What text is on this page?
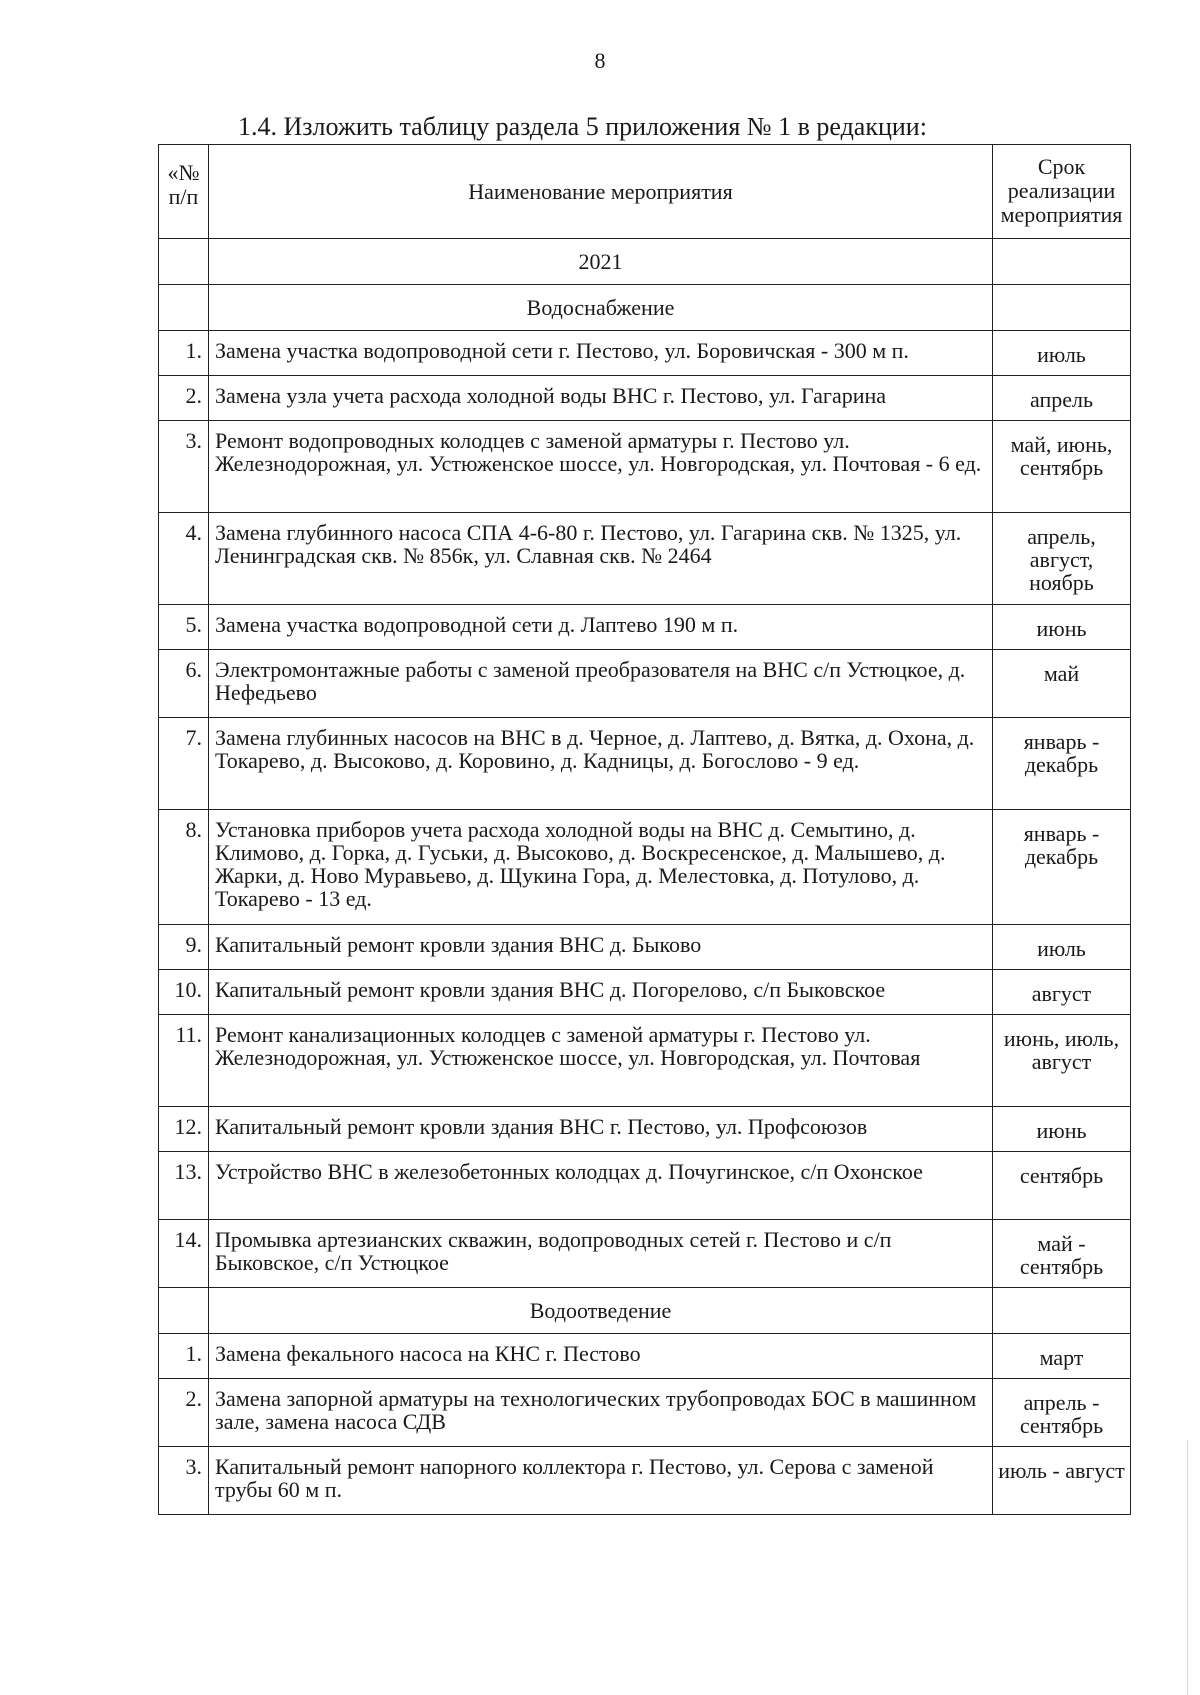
8
1.4. Изложить таблицу раздела 5 приложения № 1 в редакции:
«№ п/п	Наименование мероприятия	Срок реализации мероприятия
	2021	
	Водоснабжение	
1.	Замена участка водопроводной сети г. Пестово, ул. Боровичская - 300 м п.	июль
2.	Замена узла учета расхода холодной воды ВНС г. Пестово, ул. Гагарина	апрель
3.	Ремонт водопроводных колодцев с заменой арматуры г. Пестово ул. Железнодорожная, ул. Устюженское шоссе, ул. Новгородская, ул. Почтовая - 6 ед.	май, июнь, сентябрь
4.	Замена глубинного насоса СПА 4-6-80 г. Пестово, ул. Гагарина скв. № 1325, ул. Ленинградская скв. № 856к, ул. Славная скв. № 2464	апрель, август, ноябрь
5.	Замена участка водопроводной сети д. Лаптево 190 м п.	июнь
6.	Электромонтажные работы с заменой преобразователя на ВНС с/п Устюцкое, д. Нефедьево	май
7.	Замена глубинных насосов на ВНС в д. Черное, д. Лаптево, д. Вятка, д. Охона, д. Токарево, д. Высоково, д. Коровино, д. Кадницы, д. Богослово - 9 ед.	январь - декабрь
8.	Установка приборов учета расхода холодной воды на ВНС д. Семытино, д. Климово, д. Горка, д. Гуськи, д. Высоково, д. Воскресенское, д. Малышево, д. Жарки, д. Ново Муравьево, д. Щукина Гора, д. Мелестовка, д. Потулово, д. Токарево - 13 ед.	январь - декабрь
9.	Капитальный ремонт кровли здания ВНС д. Быково	июль
10.	Капитальный ремонт кровли здания ВНС д. Погорелово, с/п Быковское	август
11.	Ремонт канализационных колодцев с заменой арматуры г. Пестово ул. Железнодорожная, ул. Устюженское шоссе, ул. Новгородская, ул. Почтовая	июнь, июль, август
12.	Капитальный ремонт кровли здания ВНС г. Пестово, ул. Профсоюзов	июнь
13.	Устройство ВНС в железобетонных колодцах д. Почугинское, с/п Охонское	сентябрь
14.	Промывка артезианских скважин, водопроводных сетей г. Пестово и с/п Быковское, с/п Устюцкое	май - сентябрь
	Водоотведение	
1.	Замена фекального насоса на КНС г. Пестово	март
2.	Замена запорной арматуры на технологических трубопроводах БОС в машинном зале, замена насоса СДВ	апрель - сентябрь
3.	Капитальный ремонт напорного коллектора г. Пестово, ул. Серова с заменой трубы 60 м п.	июль - август
